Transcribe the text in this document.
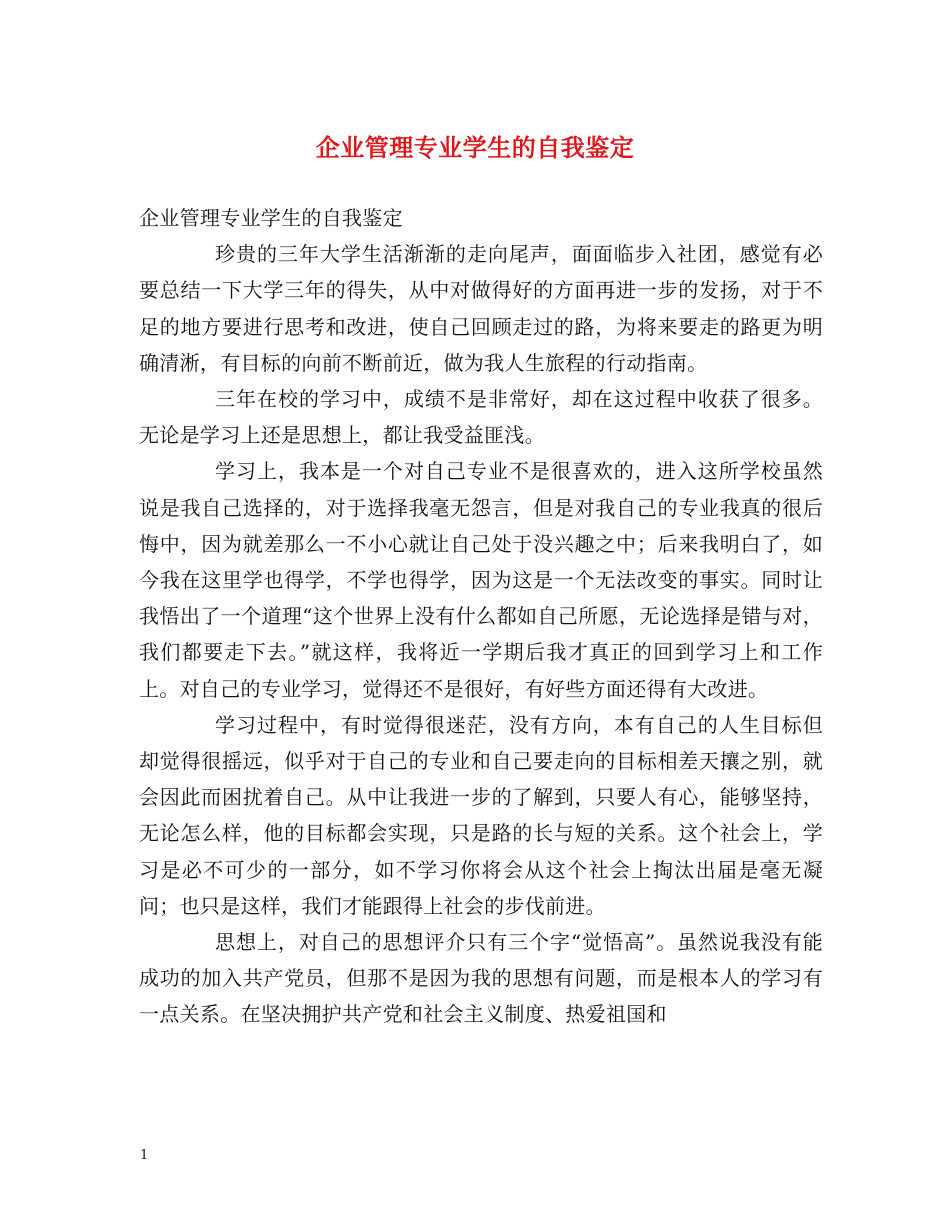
企业管理专业学生的自我鉴定

企业管理专业学生的自我鉴定

珍贵的三年大学生活渐渐的走向尾声，面面临步入社团，感觉有必要总结一下大学三年的得失，从中对做得好的方面再进一步的发扬，对于不足的地方要进行思考和改进，使自己回顾走过的路，为将来要走的路更为明确清淅，有目标的向前不断前近，做为我人生旅程的行动指南。

三年在校的学习中，成绩不是非常好，却在这过程中收获了很多。无论是学习上还是思想上，都让我受益匪浅。

学习上，我本是一个对自己专业不是很喜欢的，进入这所学校虽然说是我自己选择的，对于选择我毫无怨言，但是对我自己的专业我真的很后悔中，因为就差那么一不小心就让自己处于没兴趣之中；后来我明白了，如今我在这里学也得学，不学也得学，因为这是一个无法改变的事实。同时让我悟出了一个道理“这个世界上没有什么都如自己所愿，无论选择是错与对，我们都要走下去。”就这样，我将近一学期后我才真正的回到学习上和工作上。对自己的专业学习，觉得还不是很好，有好些方面还得有大改进。

学习过程中，有时觉得很迷茫，没有方向，本有自己的人生目标但却觉得很摇远，似乎对于自己的专业和自己要走向的目标相差天攘之别，就会因此而困扰着自己。从中让我进一步的了解到，只要人有心，能够坚持，无论怎么样，他的目标都会实现，只是路的长与短的关系。这个社会上，学习是必不可少的一部分，如不学习你将会从这个社会上掏汰出届是毫无凝问；也只是这样，我们才能跟得上社会的步伐前进。

思想上，对自己的思想评介只有三个字“觉悟高”。虽然说我没有能成功的加入共产党员，但那不是因为我的思想有问题，而是根本人的学习有一点关系。在坚决拥护共产党和社会主义制度、热爱祖国和

1
